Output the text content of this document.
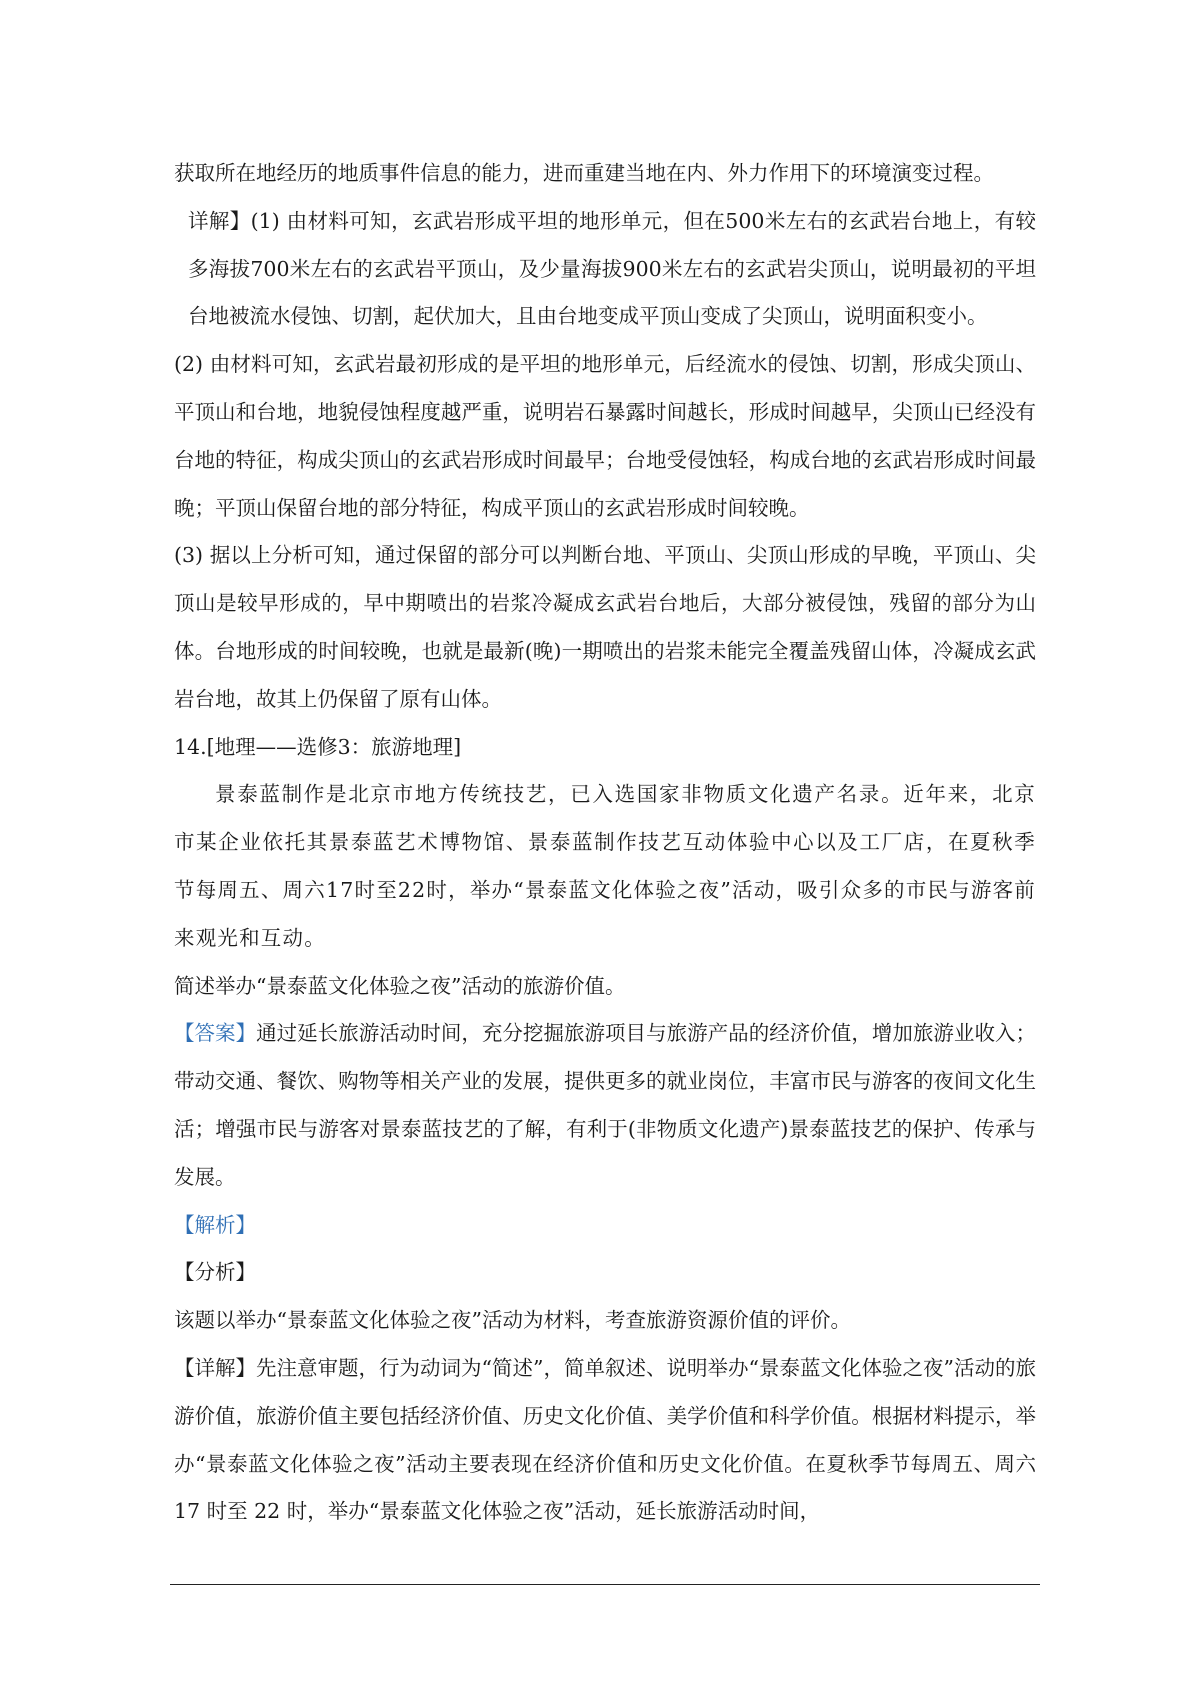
获取所在地经历的地质事件信息的能力，进而重建当地在内、外力作用下的环境演变过程。

详解】(1) 由材料可知，玄武岩形成平坦的地形单元，但在500米左右的玄武岩台地上，有较多海拔700米左右的玄武岩平顶山，及少量海拔900米左右的玄武岩尖顶山，说明最初的平坦台地被流水侵蚀、切割，起伏加大，且由台地变成平顶山变成了尖顶山，说明面积变小。

(2) 由材料可知，玄武岩最初形成的是平坦的地形单元，后经流水的侵蚀、切割，形成尖顶山、平顶山和台地，地貌侵蚀程度越严重，说明岩石暴露时间越长，形成时间越早，尖顶山已经没有台地的特征，构成尖顶山的玄武岩形成时间最早；台地受侵蚀轻，构成台地的玄武岩形成时间最晚；平顶山保留台地的部分特征，构成平顶山的玄武岩形成时间较晚。

(3) 据以上分析可知，通过保留的部分可以判断台地、平顶山、尖顶山形成的早晚，平顶山、尖顶山是较早形成的，早中期喷出的岩浆冷凝成玄武岩台地后，大部分被侵蚀，残留的部分为山体。台地形成的时间较晚，也就是最新(晚)一期喷出的岩浆未能完全覆盖残留山体，冷凝成玄武岩台地，故其上仍保留了原有山体。

14.[地理——选修3：旅游地理]

景泰蓝制作是北京市地方传统技艺，已入选国家非物质文化遗产名录。近年来，北京市某企业依托其景泰蓝艺术博物馆、景泰蓝制作技艺互动体验中心以及工厂店，在夏秋季节每周五、周六17时至22时，举办“景泰蓝文化体验之夜”活动，吸引众多的市民与游客前来观光和互动。

简述举办“景泰蓝文化体验之夜”活动的旅游价值。

【答案】通过延长旅游活动时间，充分挖掘旅游项目与旅游产品的经济价值，增加旅游业收入；带动交通、餐饮、购物等相关产业的发展，提供更多的就业岗位，丰富市民与游客的夜间文化生活；增强市民与游客对景泰蓝技艺的了解，有利于(非物质文化遗产)景泰蓝技艺的保护、传承与发展。

【解析】

【分析】

该题以举办“景泰蓝文化体验之夜”活动为材料，考查旅游资源价值的评价。

【详解】先注意审题，行为动词为“简述”，简单叙述、说明举办“景泰蓝文化体验之夜”活动的旅游价值，旅游价值主要包括经济价值、历史文化价值、美学价值和科学价值。根据材料提示，举办“景泰蓝文化体验之夜”活动主要表现在经济价值和历史文化价值。在夏秋季节每周五、周六 17 时至 22 时，举办“景泰蓝文化体验之夜”活动，延长旅游活动时间，
